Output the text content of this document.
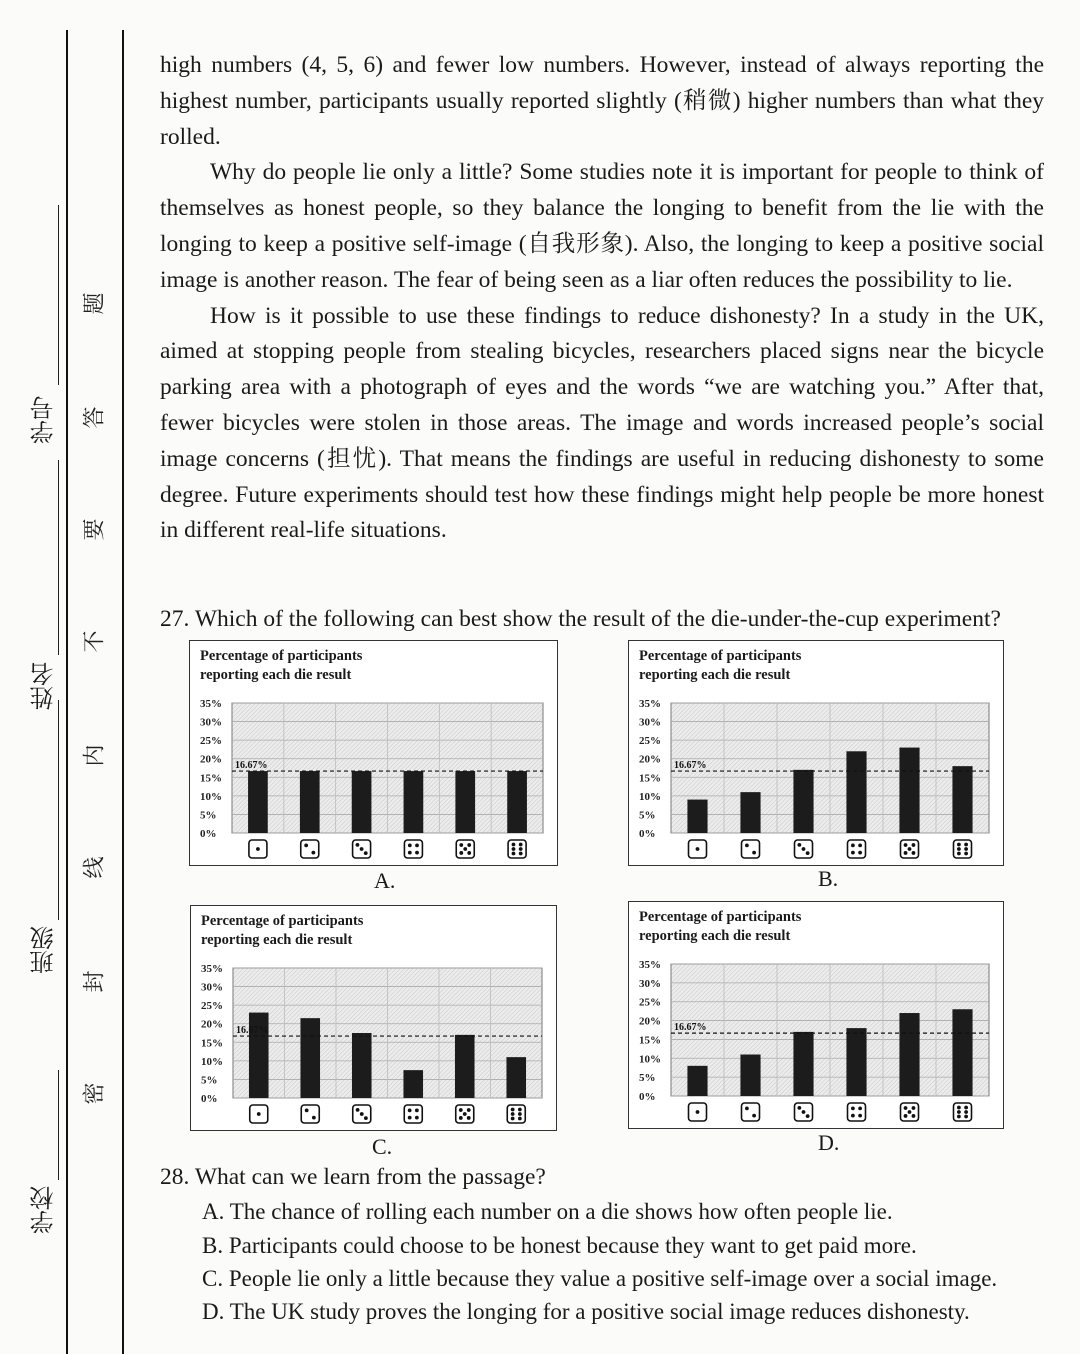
学号
姓名
班级
学校
题
答
要
不
内
线
封
密

high numbers (4, 5, 6) and fewer low numbers. However, instead of always reporting the highest number, participants usually reported slightly (稍微) higher numbers than what they rolled.

Why do people lie only a little? Some studies note it is important for people to think of themselves as honest people, so they balance the longing to benefit from the lie with the longing to keep a positive self-image (自我形象). Also, the longing to keep a positive social image is another reason. The fear of being seen as a liar often reduces the possibility to lie.

How is it possible to use these findings to reduce dishonesty? In a study in the UK, aimed at stopping people from stealing bicycles, researchers placed signs near the bicycle parking area with a photograph of eyes and the words “we are watching you.” After that, fewer bicycles were stolen in those areas. The image and words increased people’s social image concerns (担忧). That means the findings are useful in reducing dishonesty to some degree. Future experiments should test how these findings might help people be more honest in different real-life situations.

27. Which of the following can best show the result of the die-under-the-cup experiment?
Percentage of participants reporting each die result
35%
30%
25%
20%
15%
10%
5%
0%
16.67%
A.
Percentage of participants reporting each die result
35%
30%
25%
20%
15%
10%
5%
0%
16.67%
B.
Percentage of participants reporting each die result
35%
30%
25%
20%
15%
10%
5%
0%
16.67%
C.
Percentage of participants reporting each die result
35%
30%
25%
20%
15%
10%
5%
0%
16.67%
D.
28. What can we learn from the passage?
A. The chance of rolling each number on a die shows how often people lie.
B. Participants could choose to be honest because they want to get paid more.
C. People lie only a little because they value a positive self-image over a social image.
D. The UK study proves the longing for a positive social image reduces dishonesty.
